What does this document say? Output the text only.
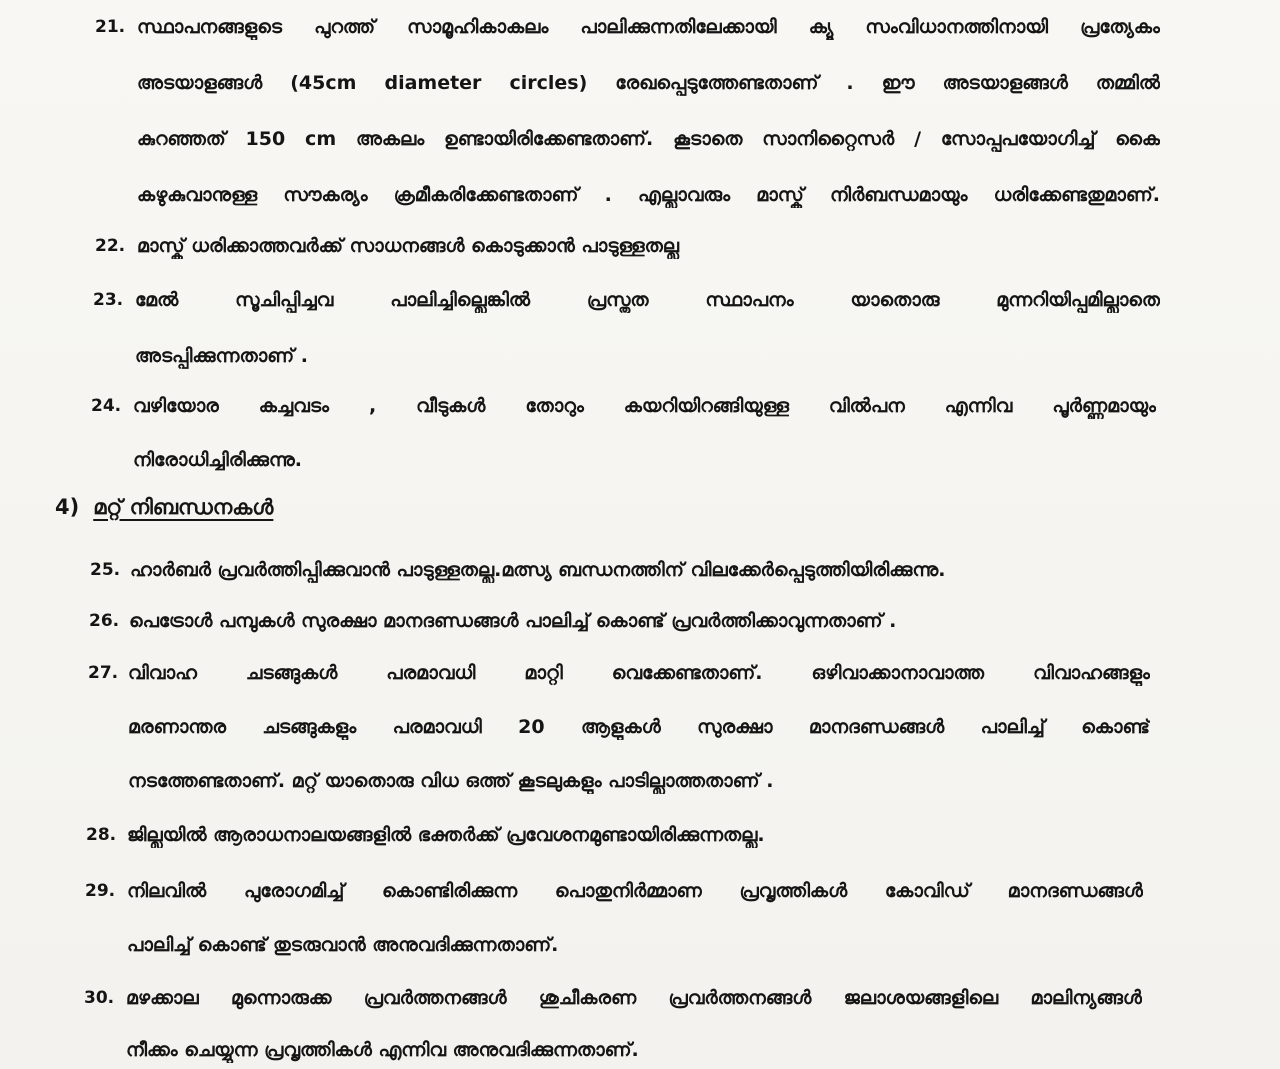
21. സ്ഥാപനങ്ങളുടെ പുറത്ത് സാമൂഹികാകലം പാലിക്കുന്നതിലേക്കായി ക്യൂ സംവിധാനത്തിനായി പ്രത്യേകം
അടയാളങ്ങൾ (45cm diameter circles) രേഖപ്പെടുത്തേണ്ടതാണ് . ഈ അടയാളങ്ങൾ തമ്മിൽ
കുറഞ്ഞത് 150 cm അകലം ഉണ്ടായിരിക്കേണ്ടതാണ്. കൂടാതെ സാനിറ്റൈസർ / സോപ്പുപയോഗിച്ച് കൈ
കഴുകുവാനുള്ള സൗകര്യം ക്രമീകരിക്കേണ്ടതാണ് . എല്ലാവരും മാസ്ക് നിർബന്ധമായും ധരിക്കേണ്ടതുമാണ്.
22. മാസ്ക് ധരിക്കാത്തവർക്ക് സാധനങ്ങൾ കൊടുക്കാൻ പാടുള്ളതല്ല
23. മേൽ സൂചിപ്പിച്ചവ പാലിച്ചില്ലെങ്കിൽ പ്രസ്തുത സ്ഥാപനം യാതൊരു മുന്നറിയിപ്പുമില്ലാതെ
അടപ്പിക്കുന്നതാണ് .
24. വഴിയോര കച്ചവടം , വീടുകൾ തോറും കയറിയിറങ്ങിയുള്ള വിൽപന എന്നിവ പൂർണ്ണമായും
നിരോധിച്ചിരിക്കുന്നു.
4) മറ്റ് നിബന്ധനകൾ
25. ഹാർബർ പ്രവർത്തിപ്പിക്കുവാൻ പാടുള്ളതല്ല.മത്സ്യ ബന്ധനത്തിന് വിലക്കേർപ്പെടുത്തിയിരിക്കുന്നു.
26. പെട്രോൾ പമ്പുകൾ സുരക്ഷാ മാനദണ്ഡങ്ങൾ പാലിച്ച് കൊണ്ട് പ്രവർത്തിക്കാവുന്നതാണ് .
27. വിവാഹ ചടങ്ങുകൾ പരമാവധി മാറ്റി വെക്കേണ്ടതാണ്. ഒഴിവാക്കാനാവാത്ത വിവാഹങ്ങളും
മരണാന്തര ചടങ്ങുകളും പരമാവധി 20 ആളുകൾ സുരക്ഷാ മാനദണ്ഡങ്ങൾ പാലിച്ച് കൊണ്ട്
നടത്തേണ്ടതാണ്. മറ്റ് യാതൊരു വിധ ഒത്ത് കൂടലുകളും പാടില്ലാത്തതാണ് .
28. ജില്ലയിൽ ആരാധനാലയങ്ങളിൽ ഭക്തർക്ക് പ്രവേശനമുണ്ടായിരിക്കുന്നതല്ല.
29. നിലവിൽ പുരോഗമിച്ച് കൊണ്ടിരിക്കുന്ന പൊതുനിർമ്മാണ പ്രവൃത്തികൾ കോവിഡ് മാനദണ്ഡങ്ങൾ
പാലിച്ച് കൊണ്ട് തുടരുവാൻ അനുവദിക്കുന്നതാണ്.
30. മഴക്കാല മുന്നൊരുക്ക പ്രവർത്തനങ്ങൾ ശുചീകരണ പ്രവർത്തനങ്ങൾ ജലാശയങ്ങളിലെ മാലിന്യങ്ങൾ
നീക്കം ചെയ്യുന്ന പ്രവൃത്തികൾ എന്നിവ അനുവദിക്കുന്നതാണ്.
